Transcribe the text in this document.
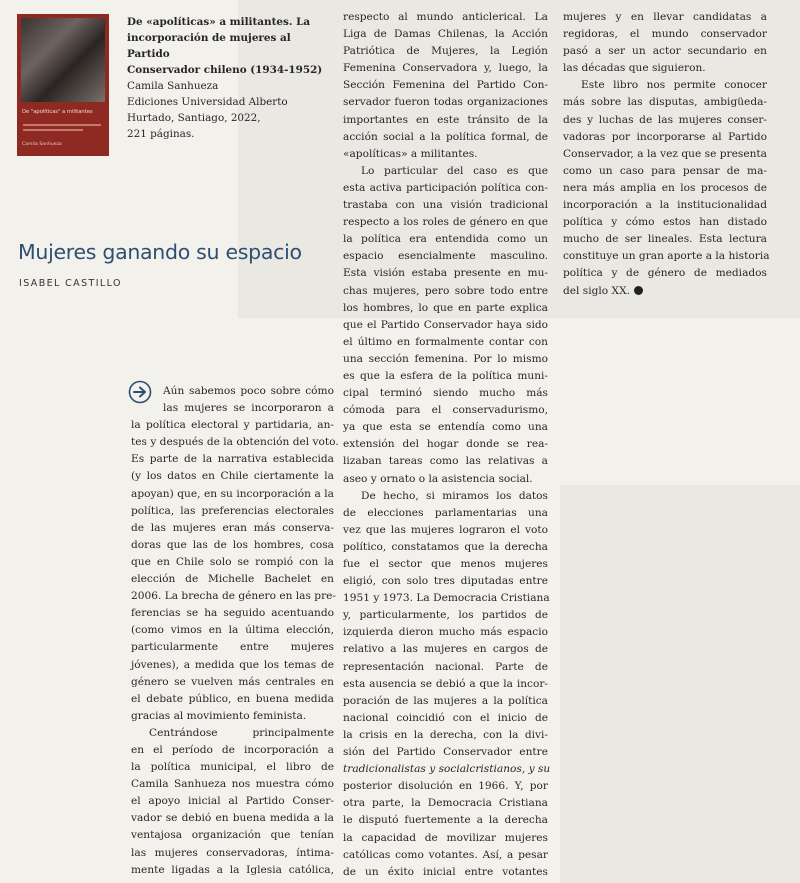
De "apolíticas" a militantes
Camila Sanhueza
De «apolíticas» a militantes. La
incorporación de mujeres al Partido
Conservador chileno (1934-1952)
Camila Sanhueza
Ediciones Universidad Alberto
Hurtado, Santiago, 2022,
221 páginas.
Mujeres ganando su espacio
ISABEL CASTILLO
Aún sabemos poco sobre cómo
las mujeres se incorporaron a
la política electoral y partidaria, an-
tes y después de la obtención del voto.
Es parte de la narrativa establecida
(y los datos en Chile ciertamente la
apoyan) que, en su incorporación a la
política, las preferencias electorales
de las mujeres eran más conserva-
doras que las de los hombres, cosa
que en Chile solo se rompió con la
elección de Michelle Bachelet en
2006. La brecha de género en las pre-
ferencias se ha seguido acentuando
(como vimos en la última elección,
particularmente entre mujeres
jóvenes), a medida que los temas de
género se vuelven más centrales en
el debate público, en buena medida
gracias al movimiento feminista.
Centrándose principalmente
en el período de incorporación a
la política municipal, el libro de
Camila Sanhueza nos muestra cómo
el apoyo inicial al Partido Conser-
vador se debió en buena medida a la
ventajosa organización que tenían
las mujeres conservadoras, íntima-
mente ligadas a la Iglesia católica,
respecto al mundo anticlerical. La
Liga de Damas Chilenas, la Acción
Patriótica de Mujeres, la Legión
Femenina Conservadora y, luego, la
Sección Femenina del Partido Con-
servador fueron todas organizaciones
importantes en este tránsito de la
acción social a la política formal, de
«apolíticas» a militantes.
Lo particular del caso es que
esta activa participación política con-
trastaba con una visión tradicional
respecto a los roles de género en que
la política era entendida como un
espacio esencialmente masculino.
Esta visión estaba presente en mu-
chas mujeres, pero sobre todo entre
los hombres, lo que en parte explica
que el Partido Conservador haya sido
el último en formalmente contar con
una sección femenina. Por lo mismo
es que la esfera de la política muni-
cipal terminó siendo mucho más
cómoda para el conservadurismo,
ya que esta se entendía como una
extensión del hogar donde se rea-
lizaban tareas como las relativas a
aseo y ornato o la asistencia social.
De hecho, si miramos los datos
de elecciones parlamentarias una
vez que las mujeres lograron el voto
político, constatamos que la derecha
fue el sector que menos mujeres
eligió, con solo tres diputadas entre
1951 y 1973. La Democracia Cristiana
y, particularmente, los partidos de
izquierda dieron mucho más espacio
relativo a las mujeres en cargos de
representación nacional. Parte de
esta ausencia se debió a que la incor-
poración de las mujeres a la política
nacional coincidió con el inicio de
la crisis en la derecha, con la divi-
sión del Partido Conservador entre
tradicionalistas y socialcristianos, y su
posterior disolución en 1966. Y, por
otra parte, la Democracia Cristiana
le disputó fuertemente a la derecha
la capacidad de movilizar mujeres
católicas como votantes. Así, a pesar
de un éxito inicial entre votantes
mujeres y en llevar candidatas a
regidoras, el mundo conservador
pasó a ser un actor secundario en
las décadas que siguieron.
Este libro nos permite conocer
más sobre las disputas, ambigüeda-
des y luchas de las mujeres conser-
vadoras por incorporarse al Partido
Conservador, a la vez que se presenta
como un caso para pensar de ma-
nera más amplia en los procesos de
incorporación a la institucionalidad
política y cómo estos han distado
mucho de ser lineales. Esta lectura
constituye un gran aporte a la historia
política y de género de mediados
del siglo XX.
